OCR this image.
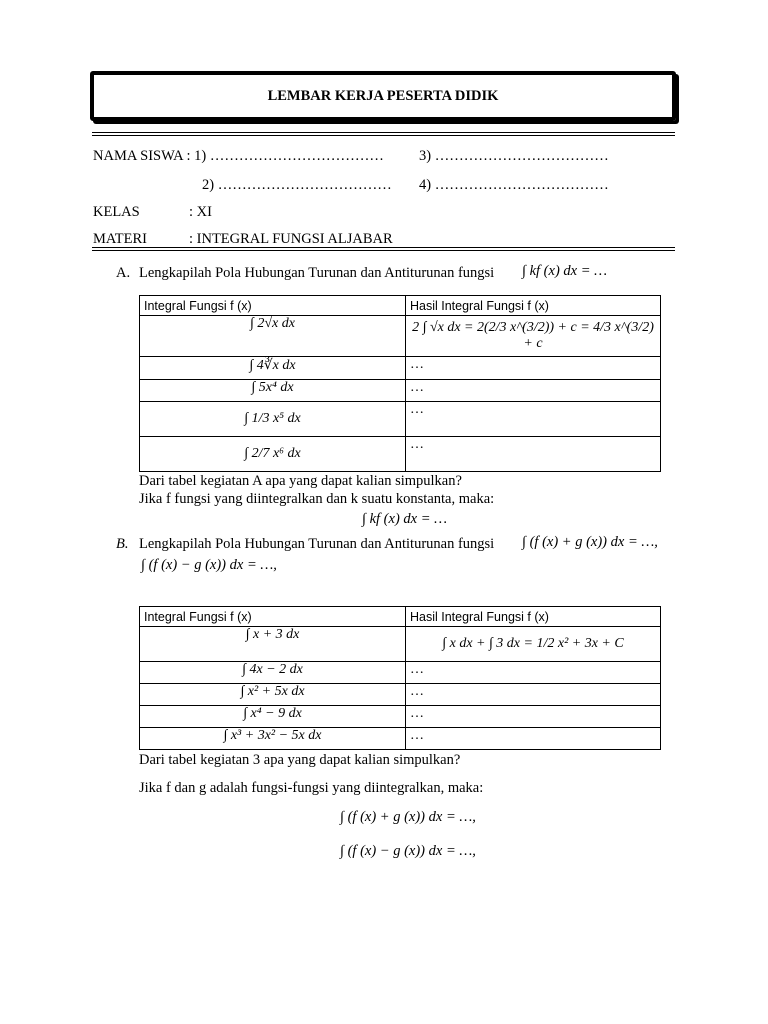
LEMBAR KERJA PESERTA DIDIK
NAMA SISWA : 1) ……………………………… 3) ………………………………
2) ……………………………… 4) ………………………………
KELAS	: XI
MATERI	: INTEGRAL FUNGSI ALJABAR
A. Lengkapilah Pola Hubungan Turunan dan Antiturunan fungsi ∫ kf (x) dx = …
Integral Fungsi f (x)	Hasil Integral Fungsi f (x)
∫ 2√x dx	2 ∫ √x dx = 2(2/3 x^(3/2)) + c = 4/3 x^(3/2) + c
∫ 4∛x dx	…
∫ 5x⁴ dx	…
∫ 1/3 x⁵ dx	…
∫ 2/7 x⁶ dx	…
Dari tabel kegiatan A apa yang dapat kalian simpulkan?
Jika f fungsi yang diintegralkan dan k suatu konstanta, maka:
∫ kf (x) dx = …
B. Lengkapilah Pola Hubungan Turunan dan Antiturunan fungsi ∫ (f (x) + g (x)) dx = …,
∫ (f (x) − g (x)) dx = …,
Integral Fungsi f (x)	Hasil Integral Fungsi f (x)
∫ x + 3 dx	∫ x dx + ∫ 3 dx = 1/2 x² + 3x + C
∫ 4x − 2 dx	…
∫ x² + 5x dx	…
∫ x⁴ − 9 dx	…
∫ x³ + 3x² − 5x dx	…
Dari tabel kegiatan 3 apa yang dapat kalian simpulkan?
Jika f dan g adalah fungsi-fungsi yang diintegralkan, maka:
∫ (f (x) + g (x)) dx = …,
∫ (f (x) − g (x)) dx = …,
